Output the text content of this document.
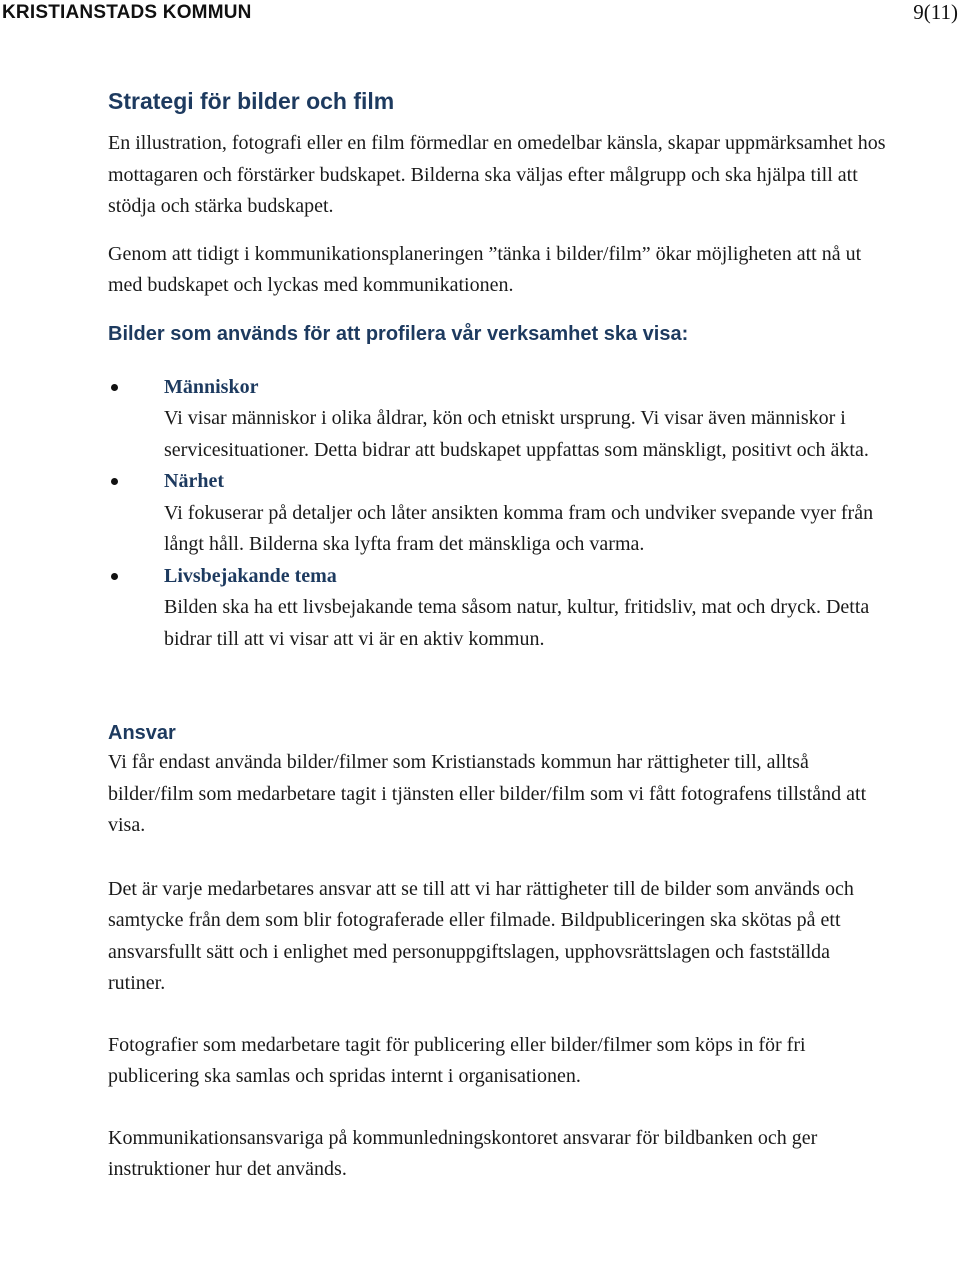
KRISTIANSTADS KOMMUN	9(11)
Strategi för bilder och film

En illustration, fotografi eller en film förmedlar en omedelbar känsla, skapar uppmärksamhet hos mottagaren och förstärker budskapet. Bilderna ska väljas efter målgrupp och ska hjälpa till att stödja och stärka budskapet.

Genom att tidigt i kommunikationsplaneringen ”tänka i bilder/film” ökar möjligheten att nå ut med budskapet och lyckas med kommunikationen.

Bilder som används för att profilera vår verksamhet ska visa:
Människor
Vi visar människor i olika åldrar, kön och etniskt ursprung. Vi visar även människor i servicesituationer. Detta bidrar att budskapet uppfattas som mänskligt, positivt och äkta.
Närhet
Vi fokuserar på detaljer och låter ansikten komma fram och undviker svepande vyer från långt håll. Bilderna ska lyfta fram det mänskliga och varma.
Livsbejakande tema
Bilden ska ha ett livsbejakande tema såsom natur, kultur, fritidsliv, mat och dryck. Detta bidrar till att vi visar att vi är en aktiv kommun.
Ansvar

Vi får endast använda bilder/filmer som Kristianstads kommun har rättigheter till, alltså bilder/film som medarbetare tagit i tjänsten eller bilder/film som vi fått fotografens tillstånd att visa.

Det är varje medarbetares ansvar att se till att vi har rättigheter till de bilder som används och samtycke från dem som blir fotograferade eller filmade. Bildpubliceringen ska skötas på ett ansvarsfullt sätt och i enlighet med personuppgiftslagen, upphovsrättslagen och fastställda rutiner.

Fotografier som medarbetare tagit för publicering eller bilder/filmer som köps in för fri publicering ska samlas och spridas internt i organisationen.

Kommunikationsansvariga på kommunledningskontoret ansvarar för bildbanken och ger instruktioner hur det används.
